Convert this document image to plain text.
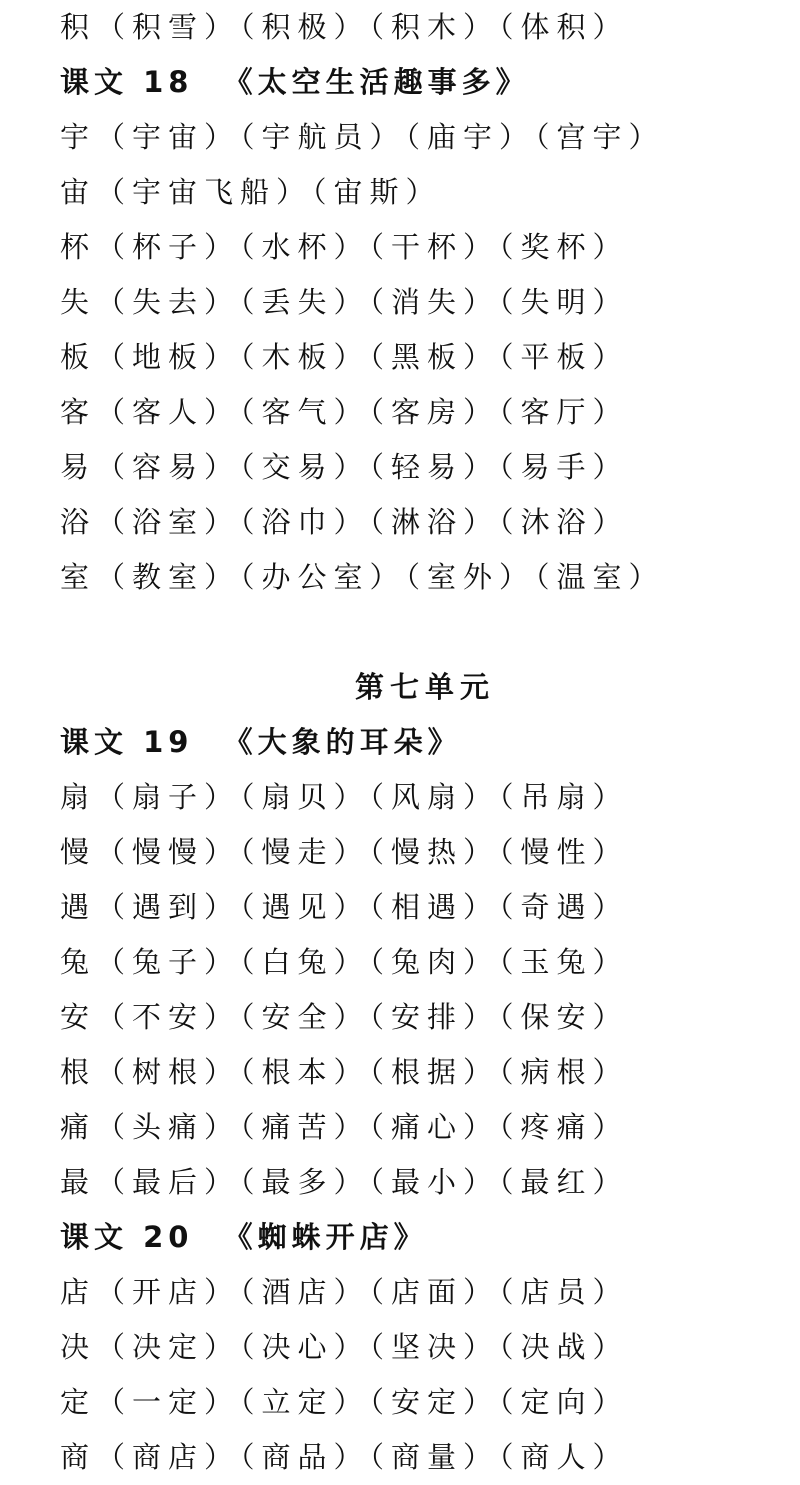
积（积雪）（积极）（积木）（体积）
课文 18  《太空生活趣事多》
宇（宇宙）（宇航员）（庙宇）（宫宇）
宙（宇宙飞船）（宙斯）
杯（杯子）（水杯）（干杯）（奖杯）
失（失去）（丢失）（消失）（失明）
板（地板）（木板）（黑板）（平板）
客（客人）（客气）（客房）（客厅）
易（容易）（交易）（轻易）（易手）
浴（浴室）（浴巾）（淋浴）（沐浴）
室（教室）（办公室）（室外）（温室）
第七单元
课文 19  《大象的耳朵》
扇（扇子）（扇贝）（风扇）（吊扇）
慢（慢慢）（慢走）（慢热）（慢性）
遇（遇到）（遇见）（相遇）（奇遇）
兔（兔子）（白兔）（兔肉）（玉兔）
安（不安）（安全）（安排）（保安）
根（树根）（根本）（根据）（病根）
痛（头痛）（痛苦）（痛心）（疼痛）
最（最后）（最多）（最小）（最红）
课文 20  《蜘蛛开店》
店（开店）（酒店）（店面）（店员）
决（决定）（决心）（坚决）（决战）
定（一定）（立定）（安定）（定向）
商（商店）（商品）（商量）（商人）
